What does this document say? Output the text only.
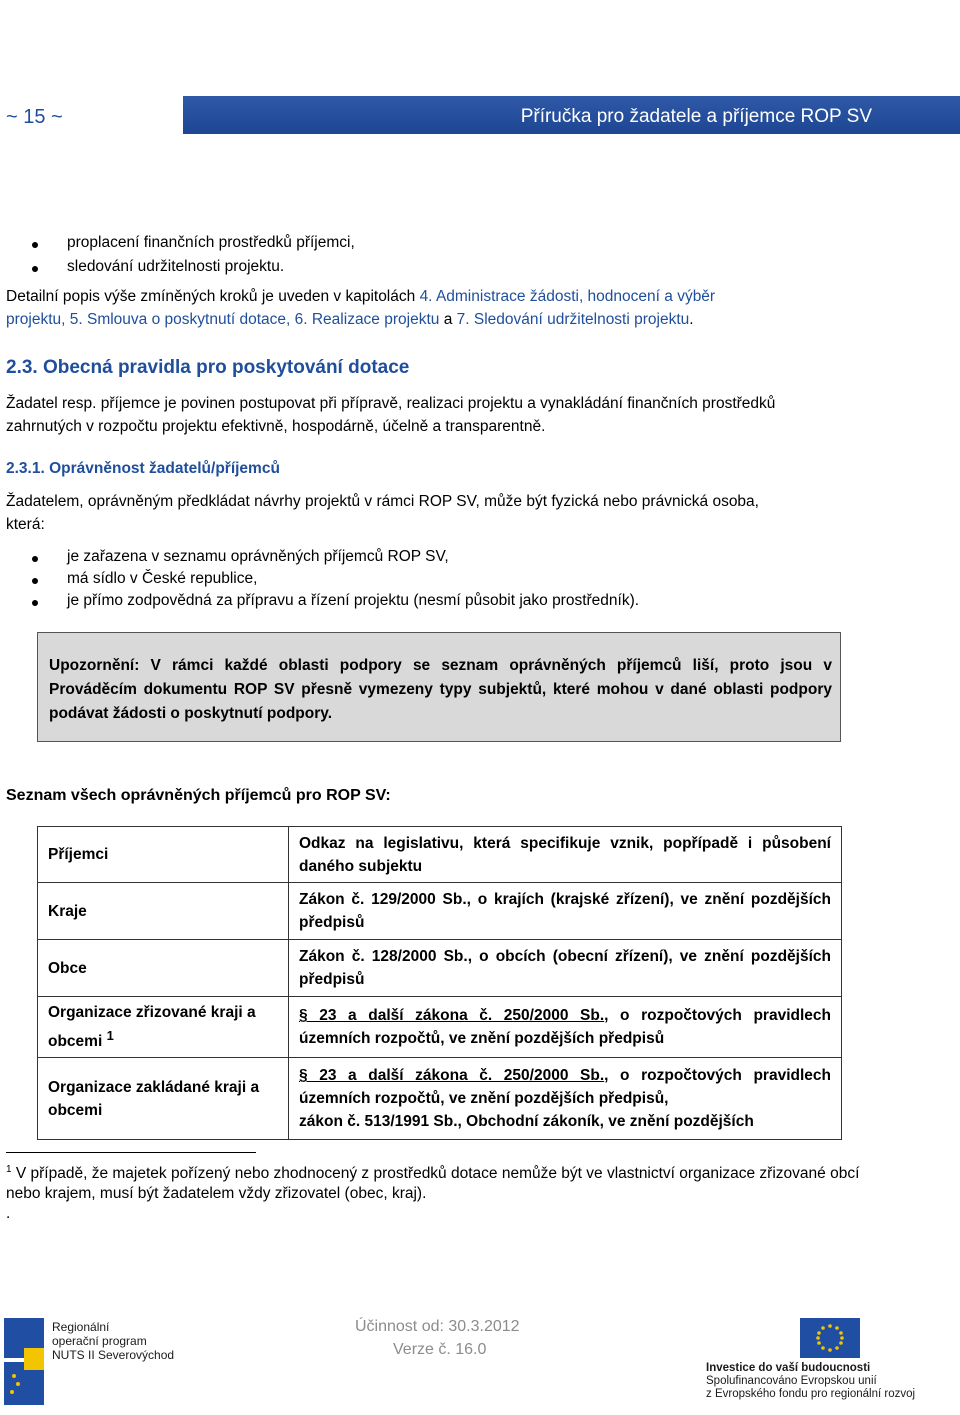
~ 15 ~	Příručka pro žadatele a příjemce ROP SV
proplacení finančních prostředků příjemci,
sledování udržitelnosti projektu.
Detailní popis výše zmíněných kroků je uveden v kapitolách 4. Administrace žádosti, hodnocení a výběr
projektu, 5. Smlouva o poskytnutí dotace, 6. Realizace projektu a 7. Sledování udržitelnosti projektu.
2.3. Obecná pravidla pro poskytování dotace
Žadatel resp. příjemce je povinen postupovat při přípravě, realizaci projektu a vynakládání finančních prostředků
zahrnutých v rozpočtu projektu efektivně, hospodárně, účelně a transparentně.
2.3.1. Oprávněnost žadatelů/příjemců
Žadatelem, oprávněným předkládat návrhy projektů v rámci ROP SV, může být fyzická nebo právnická osoba,
která:
je zařazena v seznamu oprávněných příjemců ROP SV,
má sídlo v České republice,
je přímo zodpovědná za přípravu a řízení projektu (nesmí působit jako prostředník).

Upozornění: V rámci každé oblasti podpory se seznam oprávněných příjemců liší, proto jsou v Prováděcím dokumentu ROP SV přesně vymezeny typy subjektů, které mohou v dané oblasti podpory podávat žádosti o poskytnutí podpory.

Seznam všech oprávněných příjemců pro ROP SV:
Příjemci	Odkaz na legislativu, která specifikuje vznik, popřípadě i působení daného subjektu
Kraje	Zákon č. 129/2000 Sb., o krajích (krajské zřízení), ve znění pozdějších předpisů
Obce	Zákon č. 128/2000 Sb., o obcích (obecní zřízení), ve znění pozdějších předpisů
Organizace zřizované kraji a obcemi $^1$	§ 23 a další zákona č. 250/2000 Sb., o rozpočtových pravidlech územních rozpočtů, ve znění pozdějších předpisů
Organizace zakládané kraji a obcemi	§ 23 a další zákona č. 250/2000 Sb., o rozpočtových pravidlech územních rozpočtů, ve znění pozdějších předpisů,
zákon č. 513/1991 Sb., Obchodní zákoník, ve znění pozdějších
$^1$ V případě, že majetek pořízený nebo zhodnocený z prostředků dotace nemůže být ve vlastnictví organizace zřizované obcí nebo krajem, musí být žadatelem vždy zřizovatel (obec, kraj).
.
Regionální
operační program
NUTS II Severovýchod
Účinnost od: 30.3.2012
Verze č. 16.0
Investice do vaší budoucnosti
Spolufinancováno Evropskou unií
z Evropského fondu pro regionální rozvoj
